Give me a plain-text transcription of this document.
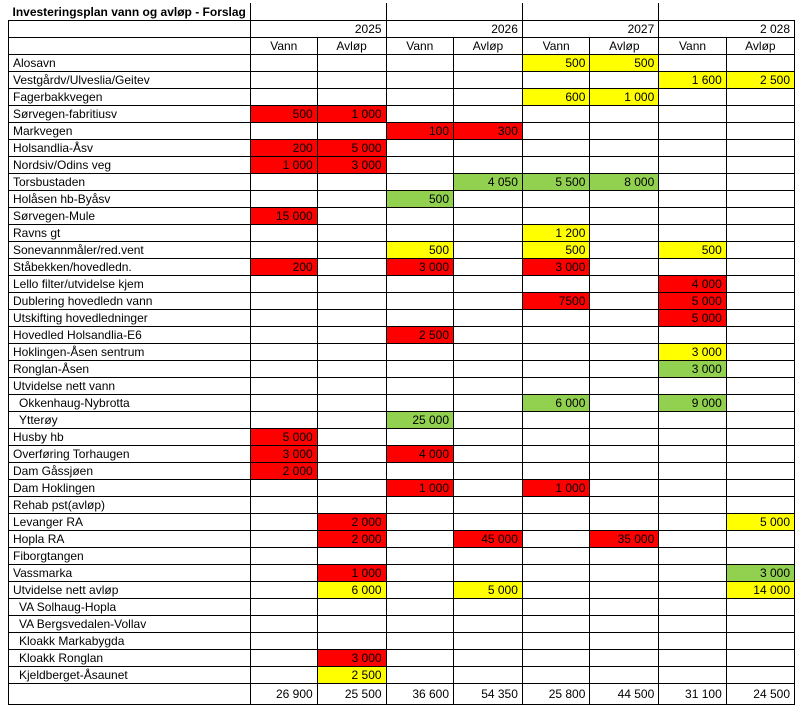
Investeringsplan vann og avløp - Forslag								
	2025		2026		2027		2 028	
	Vann	Avløp	Vann	Avløp	Vann	Avløp	Vann	Avløp
Alosavn					500	500		
Vestgårdv/Ulveslia/Geitev							1 600	2 500
Fagerbakkvegen					600	1 000		
Sørvegen-fabritiusv	500	1 000						
Markvegen			100	300				
Holsandlia-Åsv	200	5 000						
Nordsiv/Odins veg	1 000	3 000						
Torsbustaden				4 050	5 500	8 000		
Holåsen hb-Byåsv			500					
Sørvegen-Mule	15 000							
Ravns gt					1 200			
Sonevannmåler/red.vent			500		500		500	
Ståbekken/hovedledn.	200		3 000		3 000			
Lello filter/utvidelse kjem							4 000	
Dublering hovedledn vann					7500		5 000	
Utskifting hovedledninger							5 000	
Hovedled Holsandlia-E6			2 500					
Hoklingen-Åsen sentrum							3 000	
Ronglan-Åsen							3 000	
Utvidelse nett vann								
Okkenhaug-Nybrotta					6 000		9 000	
Ytterøy			25 000					
Husby hb	5 000							
Overføring Torhaugen	3 000		4 000					
Dam Gåssjøen	2 000							
Dam Hoklingen			1 000		1 000			
Rehab pst(avløp)								
Levanger RA		2 000						5 000
Hopla RA		2 000		45 000		35 000		
Fiborgtangen								
Vassmarka		1 000						3 000
Utvidelse nett avløp		6 000		5 000				14 000
VA Solhaug-Hopla								
VA Bergsvedalen-Vollav								
Kloakk Markabygda								
Kloakk Ronglan		3 000						
Kjeldberget-Åsaunet		2 500						
	26 900	25 500	36 600	54 350	25 800	44 500	31 100	24 500
